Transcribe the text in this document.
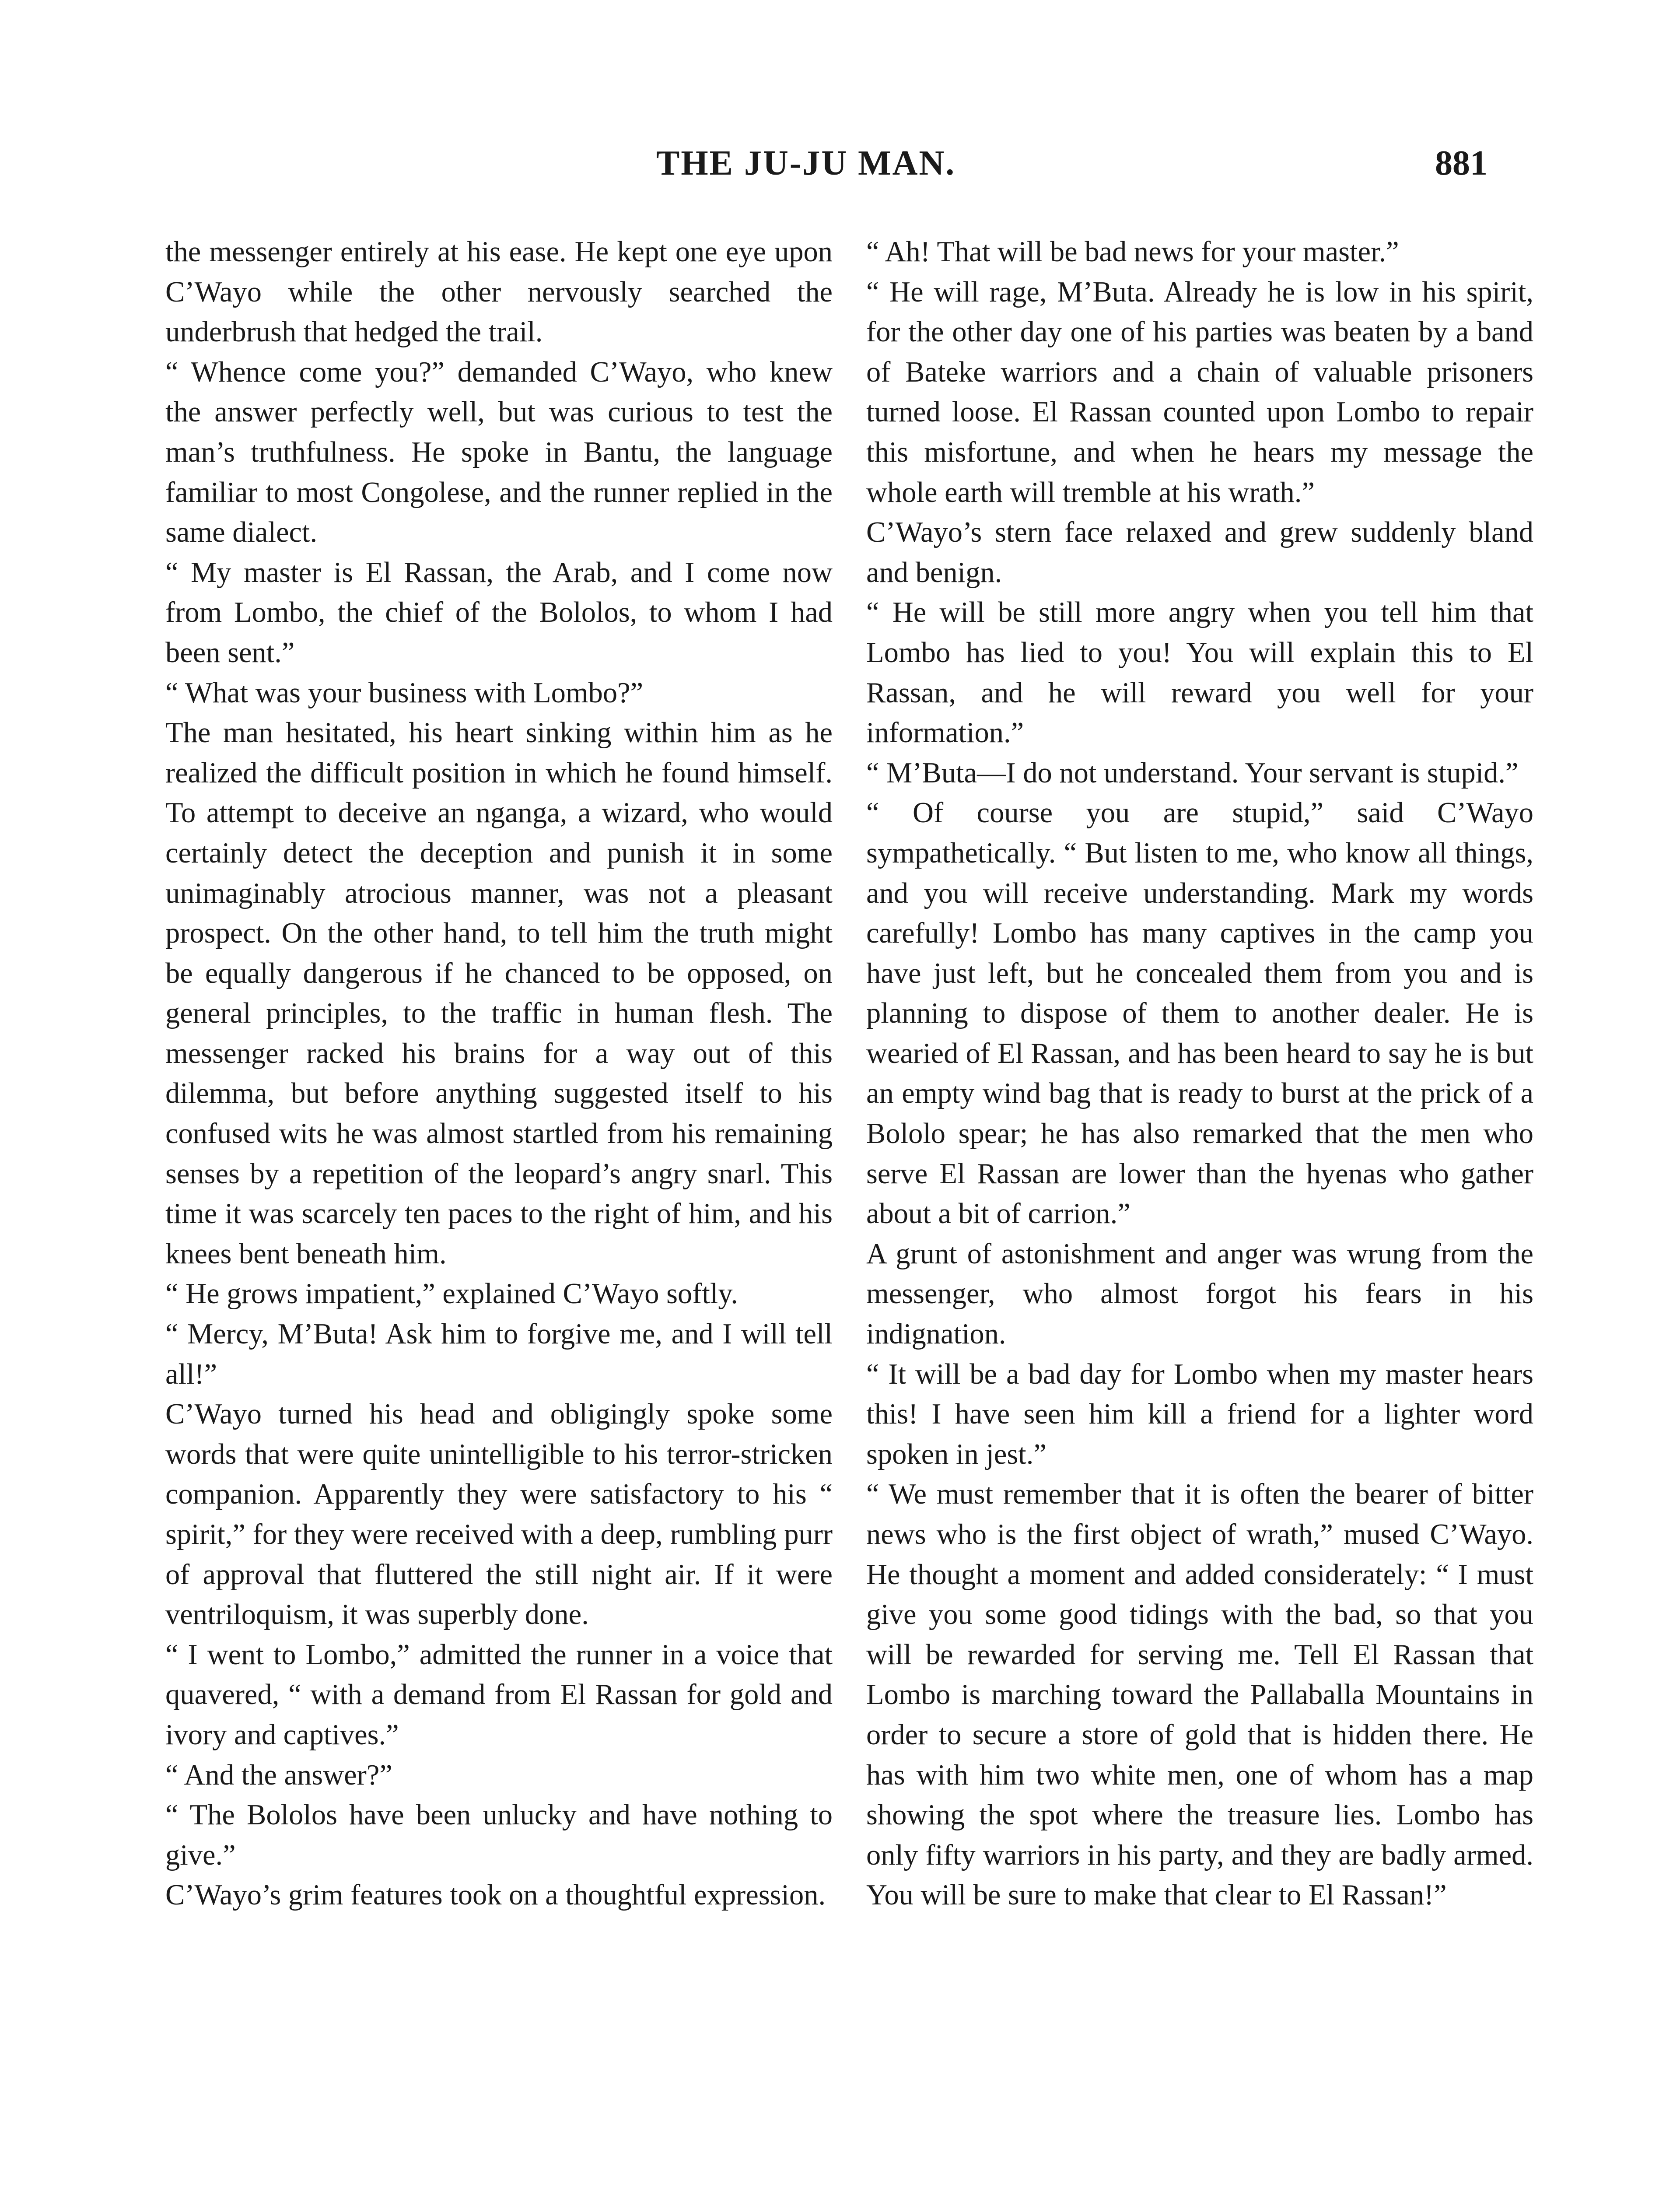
THE JU-JU MAN.	881

the messenger entirely at his ease. He kept one eye upon C’Wayo while the other nervously searched the underbrush that hedged the trail.

“ Whence come you?” demanded C’Wayo, who knew the answer perfectly well, but was curious to test the man’s truthfulness. He spoke in Bantu, the language familiar to most Congolese, and the runner replied in the same dialect.

“ My master is El Rassan, the Arab, and I come now from Lombo, the chief of the Bololos, to whom I had been sent.”

“ What was your business with Lombo?”

The man hesitated, his heart sinking within him as he realized the difficult position in which he found himself. To attempt to deceive an nganga, a wizard, who would certainly detect the deception and punish it in some unimaginably atrocious manner, was not a pleasant prospect. On the other hand, to tell him the truth might be equally dangerous if he chanced to be opposed, on general principles, to the traffic in human flesh. The messenger racked his brains for a way out of this dilemma, but before anything suggested itself to his confused wits he was almost startled from his remaining senses by a repetition of the leopard’s angry snarl. This time it was scarcely ten paces to the right of him, and his knees bent beneath him.

“ He grows impatient,” explained C’Wayo softly.

“ Mercy, M’Buta! Ask him to forgive me, and I will tell all!”

C’Wayo turned his head and obligingly spoke some words that were quite unintelligible to his terror-stricken companion. Apparently they were satisfactory to his “ spirit,” for they were received with a deep, rumbling purr of approval that fluttered the still night air. If it were ventriloquism, it was superbly done.

“ I went to Lombo,” admitted the runner in a voice that quavered, “ with a demand from El Rassan for gold and ivory and captives.”

“ And the answer?”

“ The Bololos have been unlucky and have nothing to give.”

C’Wayo’s grim features took on a thoughtful expression.

“ Ah! That will be bad news for your master.”

“ He will rage, M’Buta. Already he is low in his spirit, for the other day one of his parties was beaten by a band of Bateke warriors and a chain of valuable prisoners turned loose. El Rassan counted upon Lombo to repair this misfortune, and when he hears my message the whole earth will tremble at his wrath.”

C’Wayo’s stern face relaxed and grew suddenly bland and benign.

“ He will be still more angry when you tell him that Lombo has lied to you! You will explain this to El Rassan, and he will reward you well for your information.”

“ M’Buta—I do not understand. Your servant is stupid.”

“ Of course you are stupid,” said C’Wayo sympathetically. “ But listen to me, who know all things, and you will receive understanding. Mark my words carefully! Lombo has many captives in the camp you have just left, but he concealed them from you and is planning to dispose of them to another dealer. He is wearied of El Rassan, and has been heard to say he is but an empty wind bag that is ready to burst at the prick of a Bololo spear; he has also remarked that the men who serve El Rassan are lower than the hyenas who gather about a bit of carrion.”

A grunt of astonishment and anger was wrung from the messenger, who almost forgot his fears in his indignation.

“ It will be a bad day for Lombo when my master hears this! I have seen him kill a friend for a lighter word spoken in jest.”

“ We must remember that it is often the bearer of bitter news who is the first object of wrath,” mused C’Wayo. He thought a moment and added considerately: “ I must give you some good tidings with the bad, so that you will be rewarded for serving me. Tell El Rassan that Lombo is marching toward the Pallaballa Mountains in order to secure a store of gold that is hidden there. He has with him two white men, one of whom has a map showing the spot where the treasure lies. Lombo has only fifty warriors in his party, and they are badly armed. You will be sure to make that clear to El Rassan!”
